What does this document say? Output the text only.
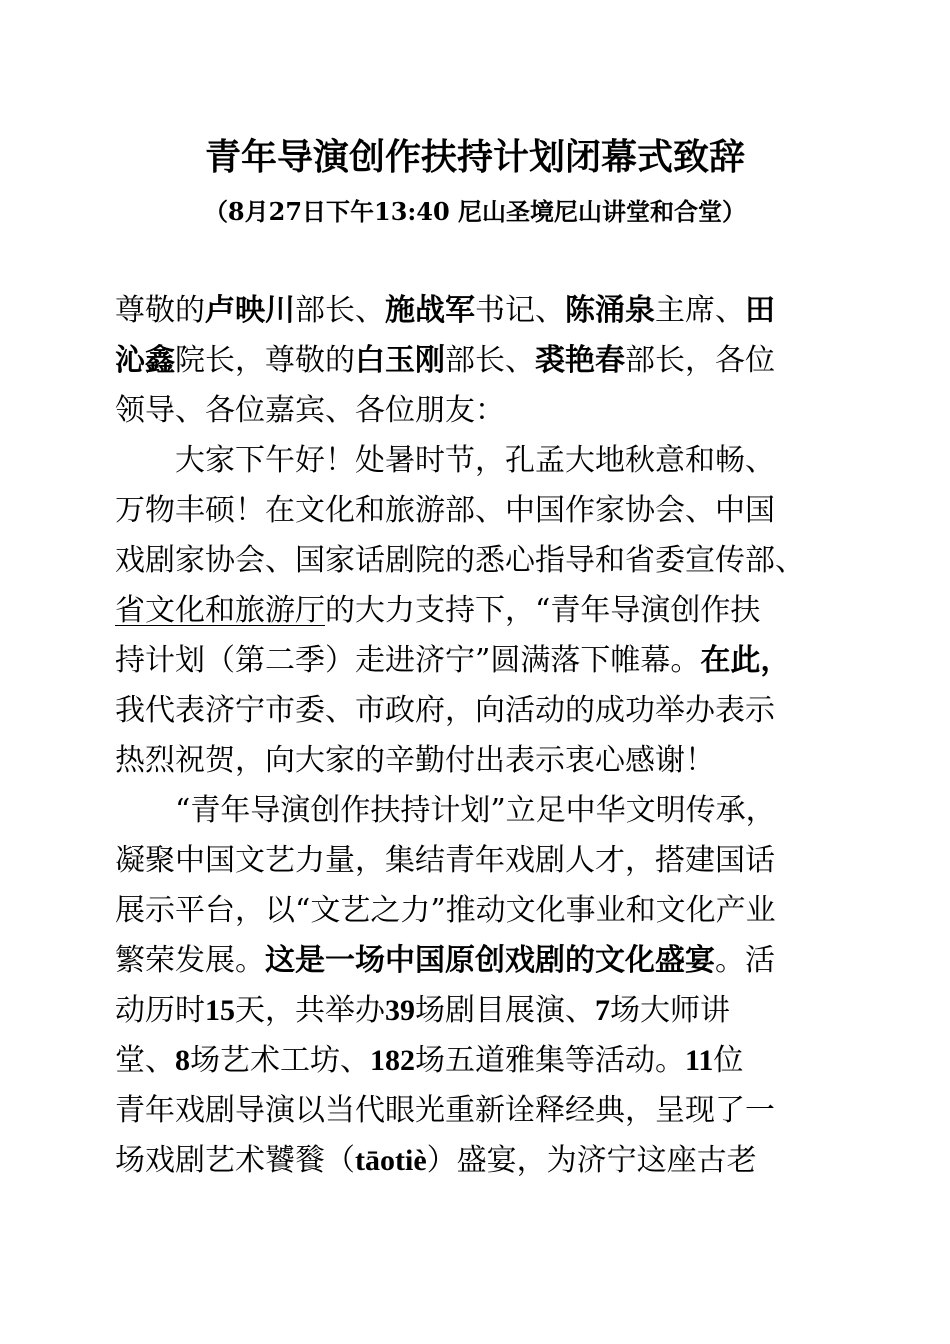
青年导演创作扶持计划闭幕式致辞
（8月27日下午13:40 尼山圣境尼山讲堂和合堂）
尊敬的卢映川部长、施战军书记、陈涌泉主席、田
沁鑫院长，尊敬的白玉刚部长、裘艳春部长，各位
领导、各位嘉宾、各位朋友：
大家下午好！处暑时节，孔孟大地秋意和畅、
万物丰硕！在文化和旅游部、中国作家协会、中国
戏剧家协会、国家话剧院的悉心指导和省委宣传部、
省文化和旅游厅的大力支持下，“青年导演创作扶
持计划（第二季）走进济宁”圆满落下帷幕。在此，
我代表济宁市委、市政府，向活动的成功举办表示
热烈祝贺，向大家的辛勤付出表示衷心感谢！
“青年导演创作扶持计划”立足中华文明传承，
凝聚中国文艺力量，集结青年戏剧人才，搭建国话
展示平台，以“文艺之力”推动文化事业和文化产业
繁荣发展。这是一场中国原创戏剧的文化盛宴。活
动历时15天，共举办39场剧目展演、7场大师讲
堂、8场艺术工坊、182场五道雅集等活动。11位
青年戏剧导演以当代眼光重新诠释经典，呈现了一
场戏剧艺术饕餮（tāotiè）盛宴，为济宁这座古老
